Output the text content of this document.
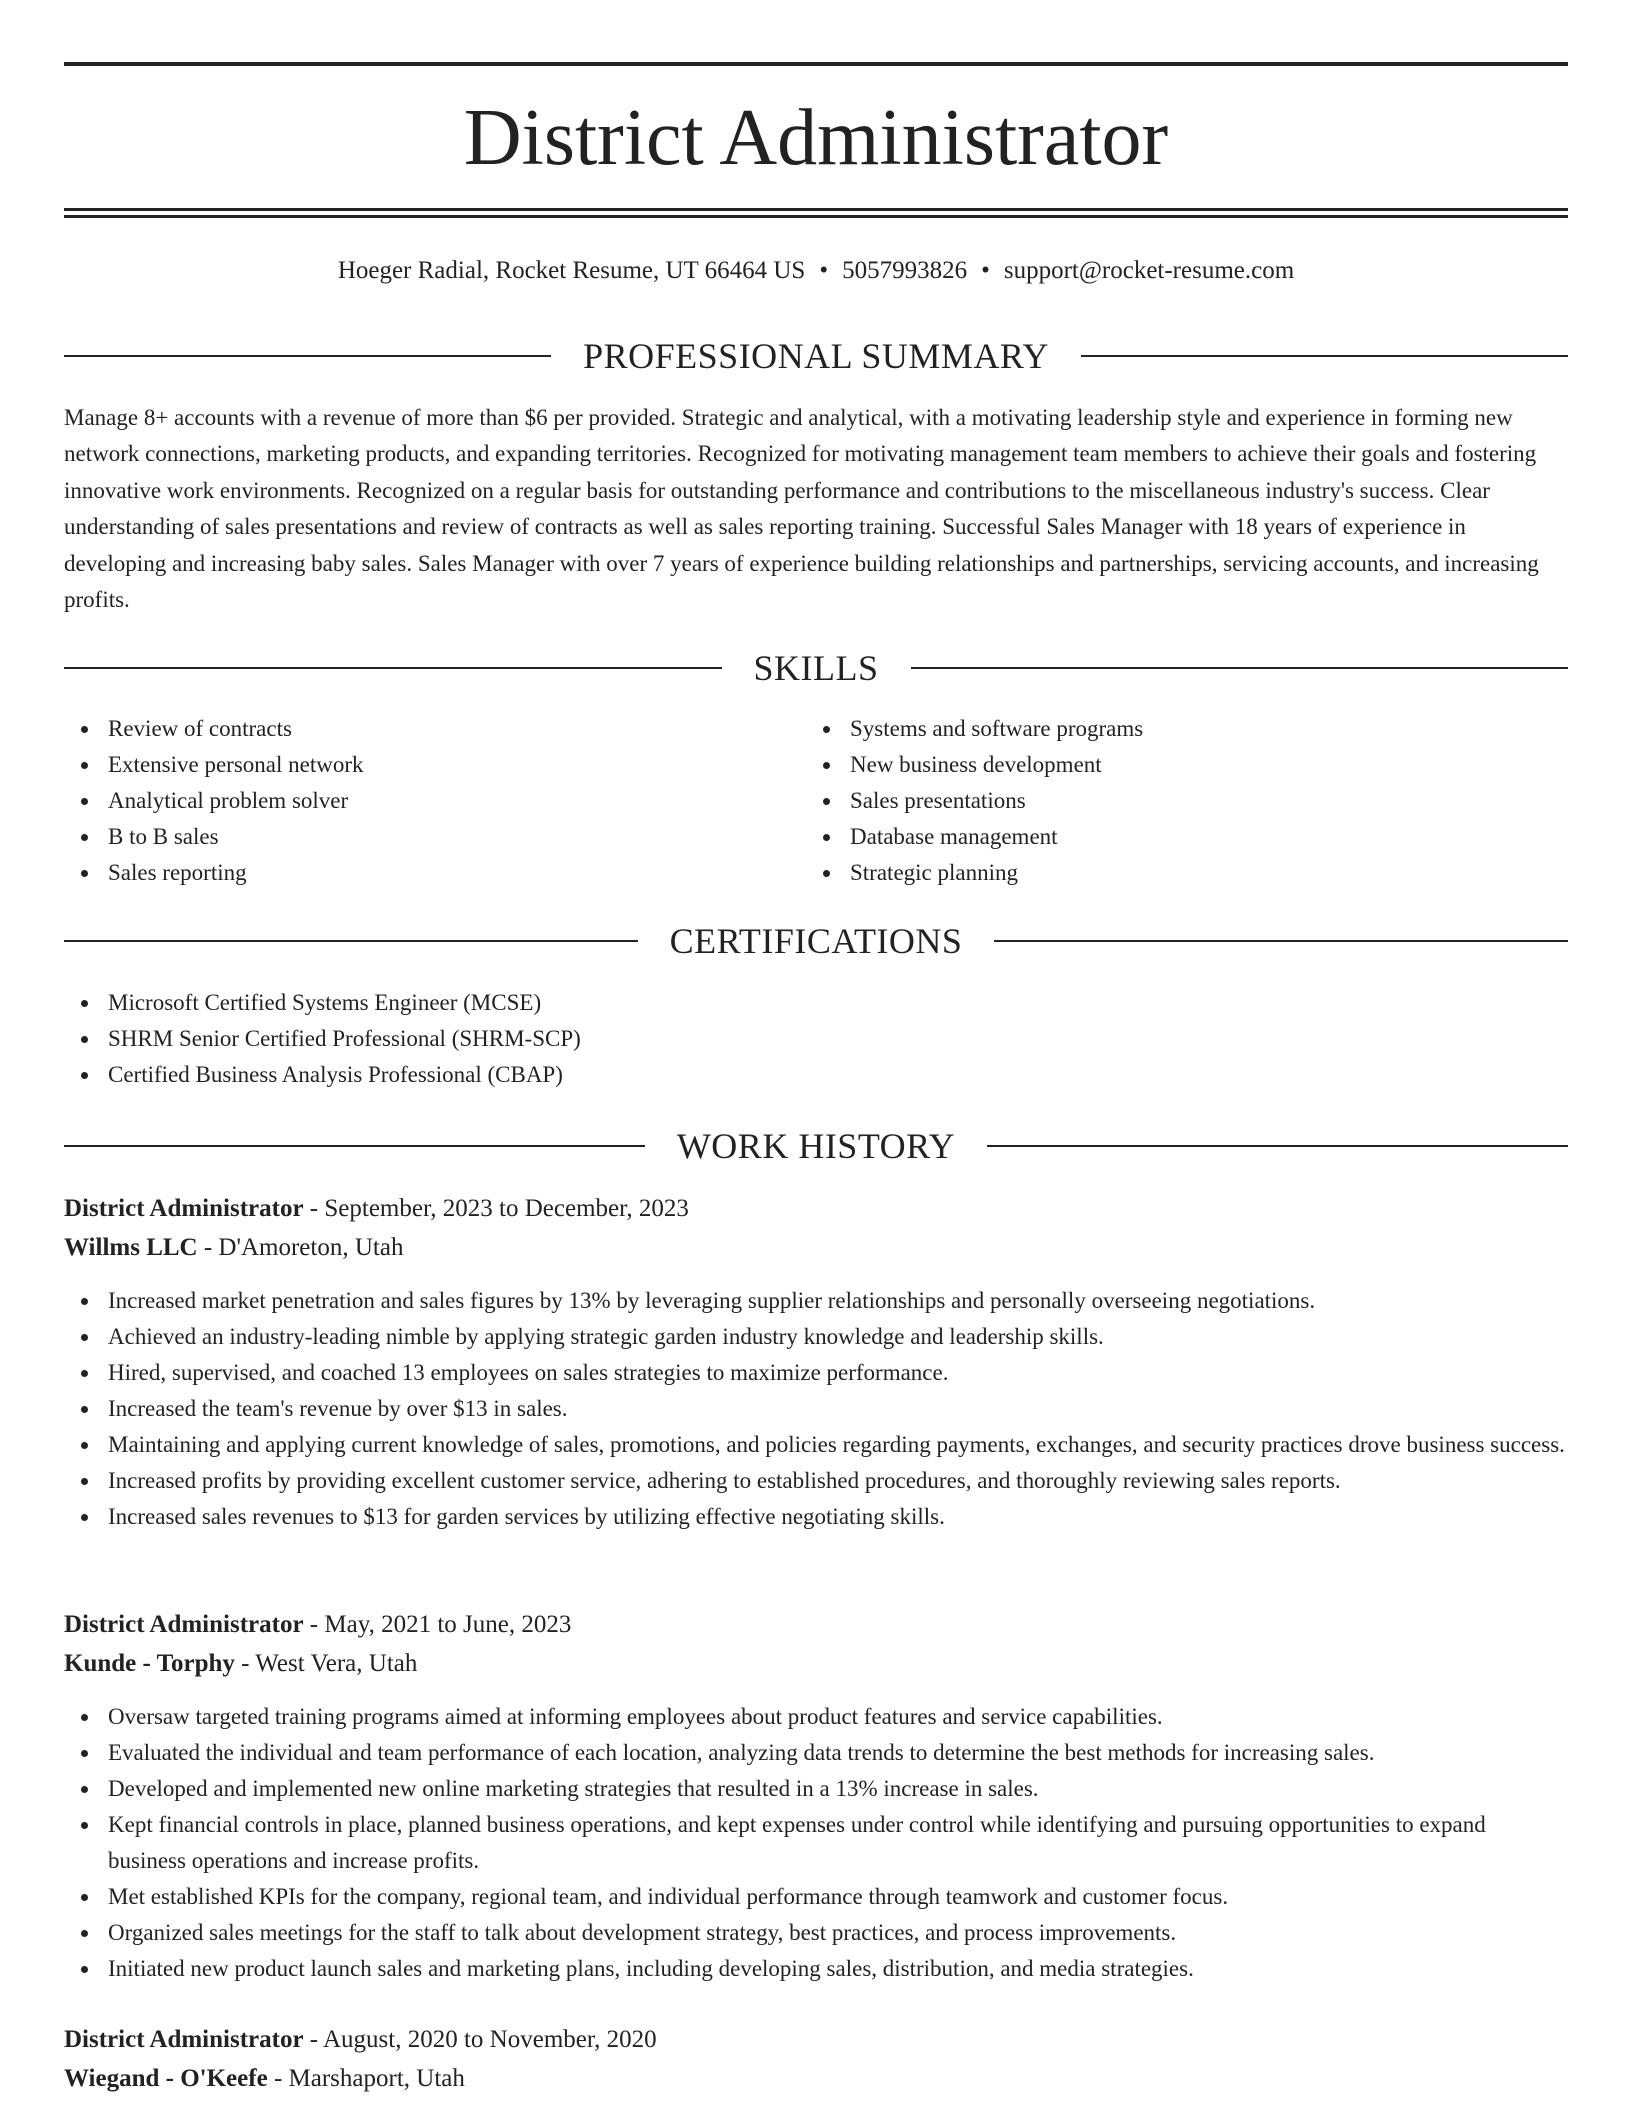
District Administrator
Hoeger Radial, Rocket Resume, UT 66464 US • 5057993826 • support@rocket-resume.com
PROFESSIONAL SUMMARY

Manage 8+ accounts with a revenue of more than $6 per provided. Strategic and analytical, with a motivating leadership style and experience in forming new network connections, marketing products, and expanding territories. Recognized for motivating management team members to achieve their goals and fostering innovative work environments. Recognized on a regular basis for outstanding performance and contributions to the miscellaneous industry's success. Clear understanding of sales presentations and review of contracts as well as sales reporting training. Successful Sales Manager with 18 years of experience in developing and increasing baby sales. Sales Manager with over 7 years of experience building relationships and partnerships, servicing accounts, and increasing profits.

SKILLS
Review of contracts
Extensive personal network
Analytical problem solver
B to B sales
Sales reporting
Systems and software programs
New business development
Sales presentations
Database management
Strategic planning
CERTIFICATIONS
Microsoft Certified Systems Engineer (MCSE)
SHRM Senior Certified Professional (SHRM-SCP)
Certified Business Analysis Professional (CBAP)
WORK HISTORY
District Administrator - September, 2023 to December, 2023
Willms LLC - D'Amoreton, Utah
Increased market penetration and sales figures by 13% by leveraging supplier relationships and personally overseeing negotiations.
Achieved an industry-leading nimble by applying strategic garden industry knowledge and leadership skills.
Hired, supervised, and coached 13 employees on sales strategies to maximize performance.
Increased the team's revenue by over $13 in sales.
Maintaining and applying current knowledge of sales, promotions, and policies regarding payments, exchanges, and security practices drove business success.
Increased profits by providing excellent customer service, adhering to established procedures, and thoroughly reviewing sales reports.
Increased sales revenues to $13 for garden services by utilizing effective negotiating skills.
District Administrator - May, 2021 to June, 2023
Kunde - Torphy - West Vera, Utah
Oversaw targeted training programs aimed at informing employees about product features and service capabilities.
Evaluated the individual and team performance of each location, analyzing data trends to determine the best methods for increasing sales.
Developed and implemented new online marketing strategies that resulted in a 13% increase in sales.
Kept financial controls in place, planned business operations, and kept expenses under control while identifying and pursuing opportunities to expand business operations and increase profits.
Met established KPIs for the company, regional team, and individual performance through teamwork and customer focus.
Organized sales meetings for the staff to talk about development strategy, best practices, and process improvements.
Initiated new product launch sales and marketing plans, including developing sales, distribution, and media strategies.
District Administrator - August, 2020 to November, 2020
Wiegand - O'Keefe - Marshaport, Utah
